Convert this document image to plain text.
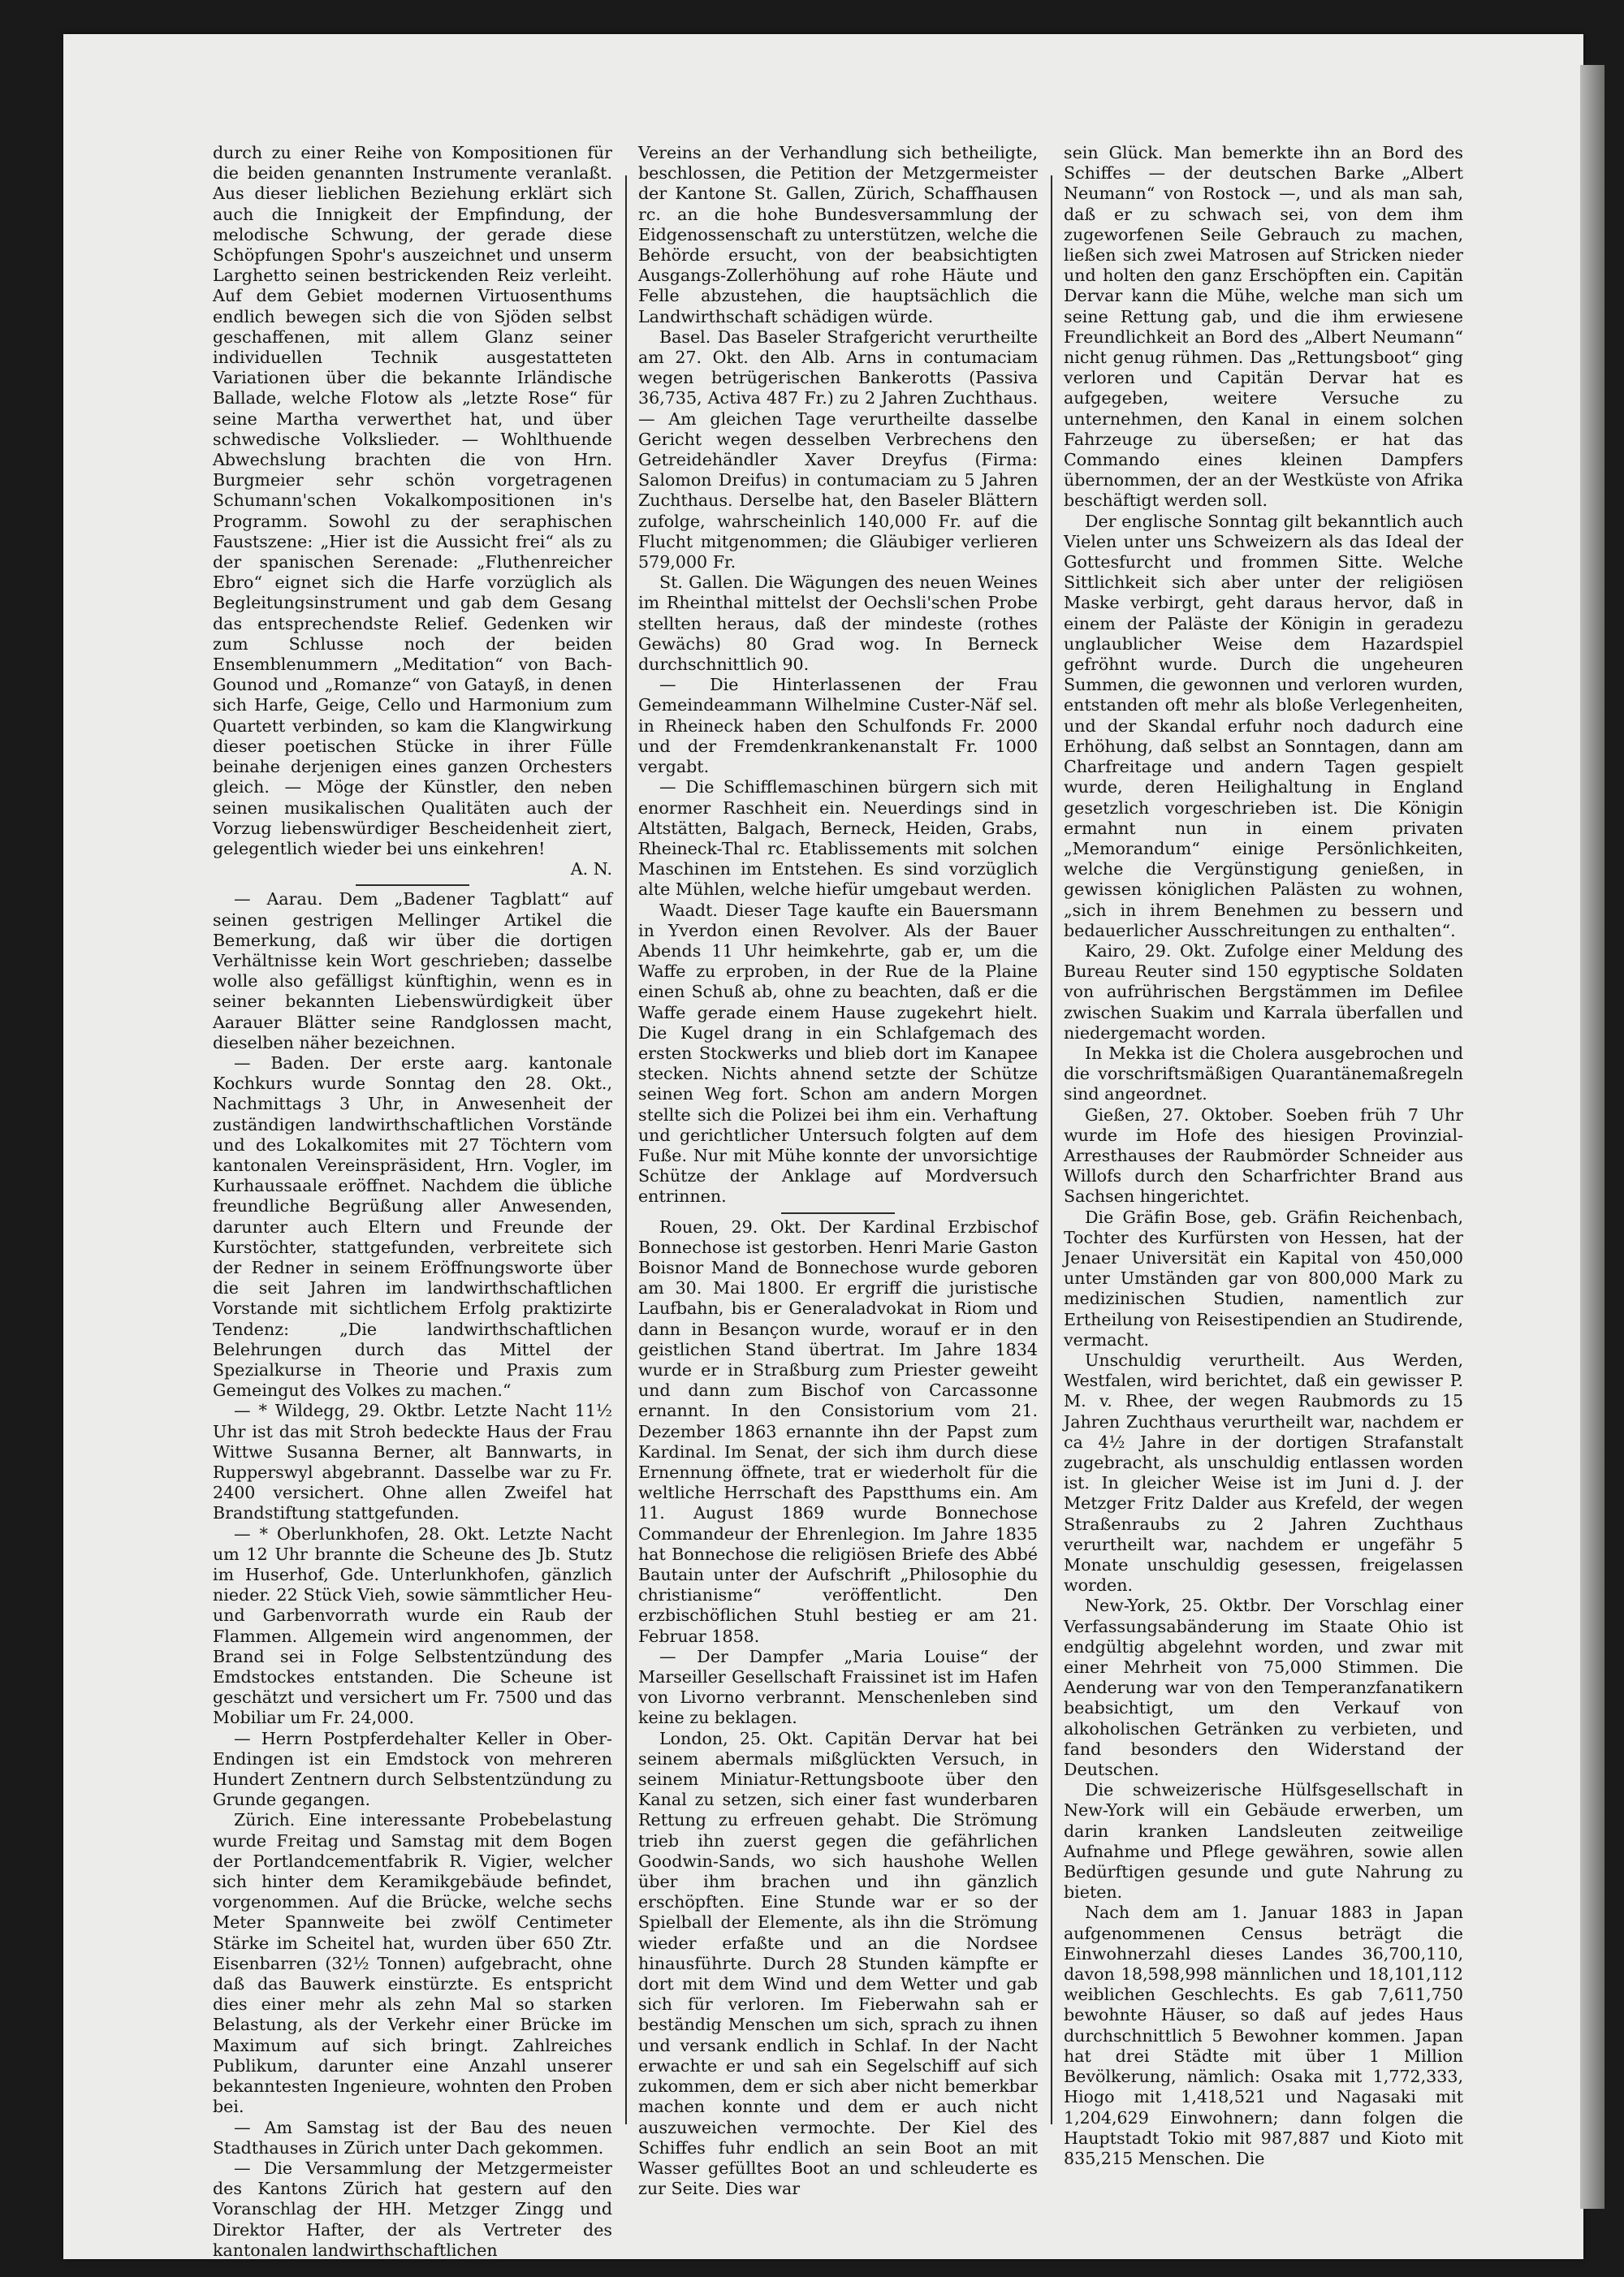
durch zu einer Reihe von Kompositionen für die beiden genannten Instrumente veranlaßt. Aus dieser lieblichen Beziehung erklärt sich auch die Innigkeit der Empfindung, der melodische Schwung, der gerade diese Schöpfungen Spohr's auszeichnet und unserm Larghetto seinen bestrickenden Reiz verleiht. Auf dem Gebiet modernen Virtuosenthums endlich bewegen sich die von Sjöden selbst geschaffenen, mit allem Glanz seiner individuellen Technik ausgestatteten Variationen über die bekannte Irländische Ballade, welche Flotow als „letzte Rose“ für seine Martha verwerthet hat, und über schwedische Volkslieder. — Wohlthuende Abwechslung brachten die von Hrn. Burgmeier sehr schön vorgetragenen Schumann'schen Vokalkompositionen in's Programm. Sowohl zu der seraphischen Faustszene: „Hier ist die Aussicht frei“ als zu der spanischen Serenade: „Fluthenreicher Ebro“ eignet sich die Harfe vorzüglich als Begleitungsinstrument und gab dem Gesang das entsprechendste Relief. Gedenken wir zum Schlusse noch der beiden Ensemblenummern „Meditation“ von Bach-Gounod und „Romanze“ von Gatayß, in denen sich Harfe, Geige, Cello und Harmonium zum Quartett verbinden, so kam die Klangwirkung dieser poetischen Stücke in ihrer Fülle beinahe derjenigen eines ganzen Orchesters gleich. — Möge der Künstler, den neben seinen musikalischen Qualitäten auch der Vorzug liebenswürdiger Bescheidenheit ziert, gelegentlich wieder bei uns einkehren!

A. N.

— Aarau. Dem „Badener Tagblatt“ auf seinen gestrigen Mellinger Artikel die Bemerkung, daß wir über die dortigen Verhältnisse kein Wort geschrieben; dasselbe wolle also gefälligst künftighin, wenn es in seiner bekannten Liebenswürdigkeit über Aarauer Blätter seine Randglossen macht, dieselben näher bezeichnen.

— Baden. Der erste aarg. kantonale Kochkurs wurde Sonntag den 28. Okt., Nachmittags 3 Uhr, in Anwesenheit der zuständigen landwirthschaftlichen Vorstände und des Lokalkomites mit 27 Töchtern vom kantonalen Vereinspräsident, Hrn. Vogler, im Kurhaussaale eröffnet. Nachdem die übliche freundliche Begrüßung aller Anwesenden, darunter auch Eltern und Freunde der Kurstöchter, stattgefunden, verbreitete sich der Redner in seinem Eröffnungsworte über die seit Jahren im landwirthschaftlichen Vorstande mit sichtlichem Erfolg praktizirte Tendenz: „Die landwirthschaftlichen Belehrungen durch das Mittel der Spezialkurse in Theorie und Praxis zum Gemeingut des Volkes zu machen.“

— * Wildegg, 29. Oktbr. Letzte Nacht 11½ Uhr ist das mit Stroh bedeckte Haus der Frau Wittwe Susanna Berner, alt Bannwarts, in Rupperswyl abgebrannt. Dasselbe war zu Fr. 2400 versichert. Ohne allen Zweifel hat Brandstiftung stattgefunden.

— * Oberlunkhofen, 28. Okt. Letzte Nacht um 12 Uhr brannte die Scheune des Jb. Stutz im Huserhof, Gde. Unterlunkhofen, gänzlich nieder. 22 Stück Vieh, sowie sämmtlicher Heu- und Garbenvorrath wurde ein Raub der Flammen. Allgemein wird angenommen, der Brand sei in Folge Selbstentzündung des Emdstockes entstanden. Die Scheune ist geschätzt und versichert um Fr. 7500 und das Mobiliar um Fr. 24,000.

— Herrn Postpferdehalter Keller in Ober-Endingen ist ein Emdstock von mehreren Hundert Zentnern durch Selbstentzündung zu Grunde gegangen.

Zürich. Eine interessante Probebelastung wurde Freitag und Samstag mit dem Bogen der Portlandcementfabrik R. Vigier, welcher sich hinter dem Keramikgebäude befindet, vorgenommen. Auf die Brücke, welche sechs Meter Spannweite bei zwölf Centimeter Stärke im Scheitel hat, wurden über 650 Ztr. Eisenbarren (32½ Tonnen) aufgebracht, ohne daß das Bauwerk einstürzte. Es entspricht dies einer mehr als zehn Mal so starken Belastung, als der Verkehr einer Brücke im Maximum auf sich bringt. Zahlreiches Publikum, darunter eine Anzahl unserer bekanntesten Ingenieure, wohnten den Proben bei.

— Am Samstag ist der Bau des neuen Stadthauses in Zürich unter Dach gekommen.

— Die Versammlung der Metzgermeister des Kantons Zürich hat gestern auf den Voranschlag der HH. Metzger Zingg und Direktor Hafter, der als Vertreter des kantonalen landwirthschaftlichen

Vereins an der Verhandlung sich betheiligte, beschlossen, die Petition der Metzgermeister der Kantone St. Gallen, Zürich, Schaffhausen rc. an die hohe Bundesversammlung der Eidgenossenschaft zu unterstützen, welche die Behörde ersucht, von der beabsichtigten Ausgangs-Zollerhöhung auf rohe Häute und Felle abzustehen, die hauptsächlich die Landwirthschaft schädigen würde.

Basel. Das Baseler Strafgericht verurtheilte am 27. Okt. den Alb. Arns in contumaciam wegen betrügerischen Bankerotts (Passiva 36,735, Activa 487 Fr.) zu 2 Jahren Zuchthaus. — Am gleichen Tage verurtheilte dasselbe Gericht wegen desselben Verbrechens den Getreidehändler Xaver Dreyfus (Firma: Salomon Dreifus) in contumaciam zu 5 Jahren Zuchthaus. Derselbe hat, den Baseler Blättern zufolge, wahrscheinlich 140,000 Fr. auf die Flucht mitgenommen; die Gläubiger verlieren 579,000 Fr.

St. Gallen. Die Wägungen des neuen Weines im Rheinthal mittelst der Oechsli'schen Probe stellten heraus, daß der mindeste (rothes Gewächs) 80 Grad wog. In Berneck durchschnittlich 90.

— Die Hinterlassenen der Frau Gemeindeammann Wilhelmine Custer-Näf sel. in Rheineck haben den Schulfonds Fr. 2000 und der Fremdenkrankenanstalt Fr. 1000 vergabt.

— Die Schifflemaschinen bürgern sich mit enormer Raschheit ein. Neuerdings sind in Altstätten, Balgach, Berneck, Heiden, Grabs, Rheineck-Thal rc. Etablissements mit solchen Maschinen im Entstehen. Es sind vorzüglich alte Mühlen, welche hiefür umgebaut werden.

Waadt. Dieser Tage kaufte ein Bauersmann in Yverdon einen Revolver. Als der Bauer Abends 11 Uhr heimkehrte, gab er, um die Waffe zu erproben, in der Rue de la Plaine einen Schuß ab, ohne zu beachten, daß er die Waffe gerade einem Hause zugekehrt hielt. Die Kugel drang in ein Schlafgemach des ersten Stockwerks und blieb dort im Kanapee stecken. Nichts ahnend setzte der Schütze seinen Weg fort. Schon am andern Morgen stellte sich die Polizei bei ihm ein. Verhaftung und gerichtlicher Untersuch folgten auf dem Fuße. Nur mit Mühe konnte der unvorsichtige Schütze der Anklage auf Mordversuch entrinnen.

Rouen, 29. Okt. Der Kardinal Erzbischof Bonnechose ist gestorben. Henri Marie Gaston Boisnor Mand de Bonnechose wurde geboren am 30. Mai 1800. Er ergriff die juristische Laufbahn, bis er Generaladvokat in Riom und dann in Besançon wurde, worauf er in den geistlichen Stand übertrat. Im Jahre 1834 wurde er in Straßburg zum Priester geweiht und dann zum Bischof von Carcassonne ernannt. In den Consistorium vom 21. Dezember 1863 ernannte ihn der Papst zum Kardinal. Im Senat, der sich ihm durch diese Ernennung öffnete, trat er wiederholt für die weltliche Herrschaft des Papstthums ein. Am 11. August 1869 wurde Bonnechose Commandeur der Ehrenlegion. Im Jahre 1835 hat Bonnechose die religiösen Briefe des Abbé Bautain unter der Aufschrift „Philosophie du christianisme“ veröffentlicht. Den erzbischöflichen Stuhl bestieg er am 21. Februar 1858.

— Der Dampfer „Maria Louise“ der Marseiller Gesellschaft Fraissinet ist im Hafen von Livorno verbrannt. Menschenleben sind keine zu beklagen.

London, 25. Okt. Capitän Dervar hat bei seinem abermals mißglückten Versuch, in seinem Miniatur-Rettungsboote über den Kanal zu setzen, sich einer fast wunderbaren Rettung zu erfreuen gehabt. Die Strömung trieb ihn zuerst gegen die gefährlichen Goodwin-Sands, wo sich haushohe Wellen über ihm brachen und ihn gänzlich erschöpften. Eine Stunde war er so der Spielball der Elemente, als ihn die Strömung wieder erfaßte und an die Nordsee hinausführte. Durch 28 Stunden kämpfte er dort mit dem Wind und dem Wetter und gab sich für verloren. Im Fieberwahn sah er beständig Menschen um sich, sprach zu ihnen und versank endlich in Schlaf. In der Nacht erwachte er und sah ein Segelschiff auf sich zukommen, dem er sich aber nicht bemerkbar machen konnte und dem er auch nicht auszuweichen vermochte. Der Kiel des Schiffes fuhr endlich an sein Boot an mit Wasser gefülltes Boot an und schleuderte es zur Seite. Dies war

sein Glück. Man bemerkte ihn an Bord des Schiffes — der deutschen Barke „Albert Neumann“ von Rostock —, und als man sah, daß er zu schwach sei, von dem ihm zugeworfenen Seile Gebrauch zu machen, ließen sich zwei Matrosen auf Stricken nieder und holten den ganz Erschöpften ein. Capitän Dervar kann die Mühe, welche man sich um seine Rettung gab, und die ihm erwiesene Freundlichkeit an Bord des „Albert Neumann“ nicht genug rühmen. Das „Rettungsboot“ ging verloren und Capitän Dervar hat es aufgegeben, weitere Versuche zu unternehmen, den Kanal in einem solchen Fahrzeuge zu überseßen; er hat das Commando eines kleinen Dampfers übernommen, der an der Westküste von Afrika beschäftigt werden soll.

Der englische Sonntag gilt bekanntlich auch Vielen unter uns Schweizern als das Ideal der Gottesfurcht und frommen Sitte. Welche Sittlichkeit sich aber unter der religiösen Maske verbirgt, geht daraus hervor, daß in einem der Paläste der Königin in geradezu unglaublicher Weise dem Hazardspiel gefröhnt wurde. Durch die ungeheuren Summen, die gewonnen und verloren wurden, entstanden oft mehr als bloße Verlegenheiten, und der Skandal erfuhr noch dadurch eine Erhöhung, daß selbst an Sonntagen, dann am Charfreitage und andern Tagen gespielt wurde, deren Heilighaltung in England gesetzlich vorgeschrieben ist. Die Königin ermahnt nun in einem privaten „Memorandum“ einige Persönlichkeiten, welche die Vergünstigung genießen, in gewissen königlichen Palästen zu wohnen, „sich in ihrem Benehmen zu bessern und bedauerlicher Ausschreitungen zu enthalten“.

Kairo, 29. Okt. Zufolge einer Meldung des Bureau Reuter sind 150 egyptische Soldaten von aufrührischen Bergstämmen im Defilee zwischen Suakim und Karrala überfallen und niedergemacht worden.

In Mekka ist die Cholera ausgebrochen und die vorschriftsmäßigen Quarantänemaßregeln sind angeordnet.

Gießen, 27. Oktober. Soeben früh 7 Uhr wurde im Hofe des hiesigen Provinzial-Arresthauses der Raubmörder Schneider aus Willofs durch den Scharfrichter Brand aus Sachsen hingerichtet.

Die Gräfin Bose, geb. Gräfin Reichenbach, Tochter des Kurfürsten von Hessen, hat der Jenaer Universität ein Kapital von 450,000 unter Umständen gar von 800,000 Mark zu medizinischen Studien, namentlich zur Ertheilung von Reisestipendien an Studirende, vermacht.

Unschuldig verurtheilt. Aus Werden, Westfalen, wird berichtet, daß ein gewisser P. M. v. Rhee, der wegen Raubmords zu 15 Jahren Zuchthaus verurtheilt war, nachdem er ca 4½ Jahre in der dortigen Strafanstalt zugebracht, als unschuldig entlassen worden ist. In gleicher Weise ist im Juni d. J. der Metzger Fritz Dalder aus Krefeld, der wegen Straßenraubs zu 2 Jahren Zuchthaus verurtheilt war, nachdem er ungefähr 5 Monate unschuldig gesessen, freigelassen worden.

New-York, 25. Oktbr. Der Vorschlag einer Verfassungsabänderung im Staate Ohio ist endgültig abgelehnt worden, und zwar mit einer Mehrheit von 75,000 Stimmen. Die Aenderung war von den Temperanzfanatikern beabsichtigt, um den Verkauf von alkoholischen Getränken zu verbieten, und fand besonders den Widerstand der Deutschen.

Die schweizerische Hülfsgesellschaft in New-York will ein Gebäude erwerben, um darin kranken Landsleuten zeitweilige Aufnahme und Pflege gewähren, sowie allen Bedürftigen gesunde und gute Nahrung zu bieten.

Nach dem am 1. Januar 1883 in Japan aufgenommenen Census beträgt die Einwohnerzahl dieses Landes 36,700,110, davon 18,598,998 männlichen und 18,101,112 weiblichen Geschlechts. Es gab 7,611,750 bewohnte Häuser, so daß auf jedes Haus durchschnittlich 5 Bewohner kommen. Japan hat drei Städte mit über 1 Million Bevölkerung, nämlich: Osaka mit 1,772,333, Hiogo mit 1,418,521 und Nagasaki mit 1,204,629 Einwohnern; dann folgen die Hauptstadt Tokio mit 987,887 und Kioto mit 835,215 Menschen. Die
